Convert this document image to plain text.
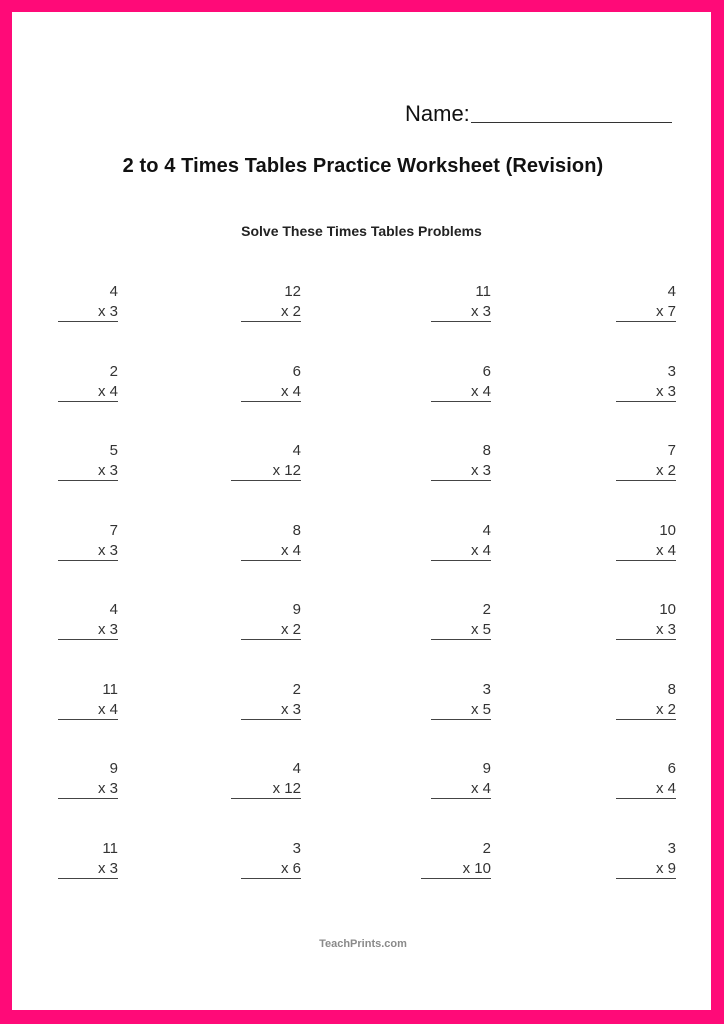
Name:
2 to 4 Times Tables Practice Worksheet (Revision)
Solve These Times Tables Problems
4
x 3
12
x 2
11
x 3
4
x 7
2
x 4
6
x 4
6
x 4
3
x 3
5
x 3
4
x 12
8
x 3
7
x 2
7
x 3
8
x 4
4
x 4
10
x 4
4
x 3
9
x 2
2
x 5
10
x 3
11
x 4
2
x 3
3
x 5
8
x 2
9
x 3
4
x 12
9
x 4
6
x 4
11
x 3
3
x 6
2
x 10
3
x 9
TeachPrints.com
